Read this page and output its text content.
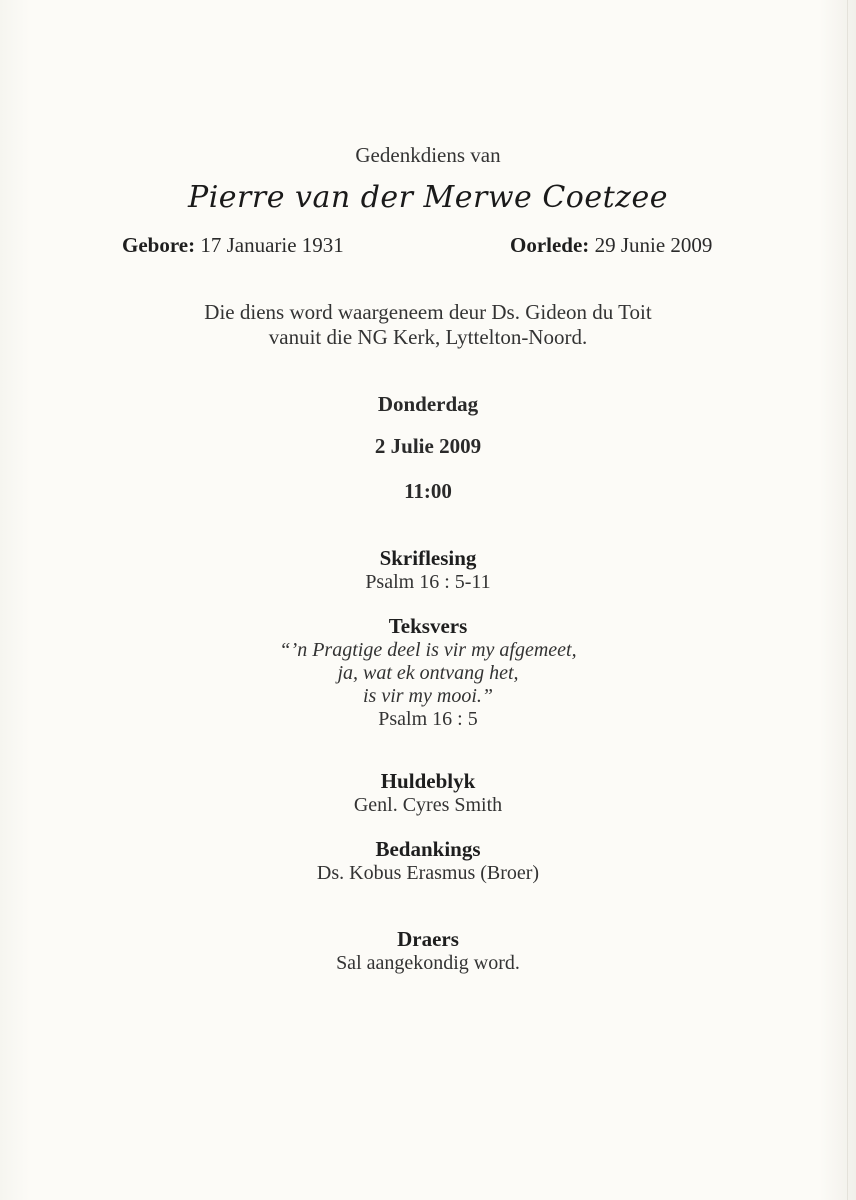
Gedenkdiens van
Pierre van der Merwe Coetzee
Gebore: 17 Januarie 1931	Oorlede: 29 Junie 2009
Die diens word waargeneem deur Ds. Gideon du Toit
vanuit die NG Kerk, Lyttelton-Noord.
Donderdag
2 Julie 2009
11:00
Skriflesing
Psalm 16 : 5-11
Teksvers
“’n Pragtige deel is vir my afgemeet,
ja, wat ek ontvang het,
is vir my mooi.”
Psalm 16 : 5
Huldeblyk
Genl. Cyres Smith
Bedankings
Ds. Kobus Erasmus (Broer)
Draers
Sal aangekondig word.
